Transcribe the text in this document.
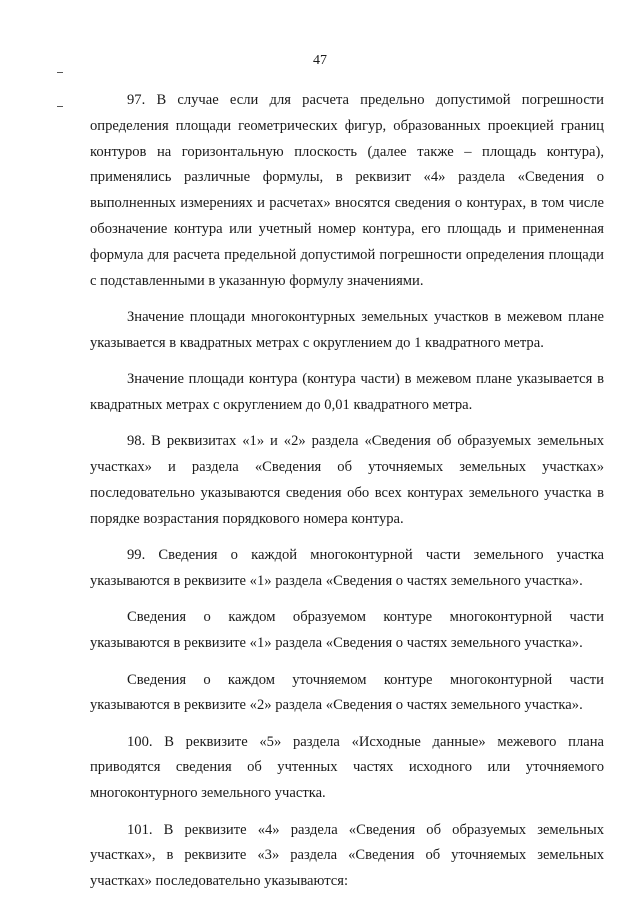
47

97. В случае если для расчета предельно допустимой погрешности определения площади геометрических фигур, образованных проекцией границ контуров на горизонтальную плоскость (далее также – площадь контура), применялись различные формулы, в реквизит «4» раздела «Сведения о выполненных измерениях и расчетах» вносятся сведения о контурах, в том числе обозначение контура или учетный номер контура, его площадь и примененная формула для расчета предельной допустимой погрешности определения площади с подставленными в указанную формулу значениями.

Значение площади многоконтурных земельных участков в межевом плане указывается в квадратных метрах с округлением до 1 квадратного метра.

Значение площади контура (контура части) в межевом плане указывается в квадратных метрах с округлением до 0,01 квадратного метра.

98. В реквизитах «1» и «2» раздела «Сведения об образуемых земельных участках» и раздела «Сведения об уточняемых земельных участках» последовательно указываются сведения обо всех контурах земельного участка в порядке возрастания порядкового номера контура.

99. Сведения о каждой многоконтурной части земельного участка указываются в реквизите «1» раздела «Сведения о частях земельного участка».

Сведения о каждом образуемом контуре многоконтурной части указываются в реквизите «1» раздела «Сведения о частях земельного участка».

Сведения о каждом уточняемом контуре многоконтурной части указываются в реквизите «2» раздела «Сведения о частях земельного участка».

100. В реквизите «5» раздела «Исходные данные» межевого плана приводятся сведения об учтенных частях исходного или уточняемого многоконтурного земельного участка.

101. В реквизите «4» раздела «Сведения об образуемых земельных участках», в реквизите «3» раздела «Сведения об уточняемых земельных участках» последовательно указываются:
